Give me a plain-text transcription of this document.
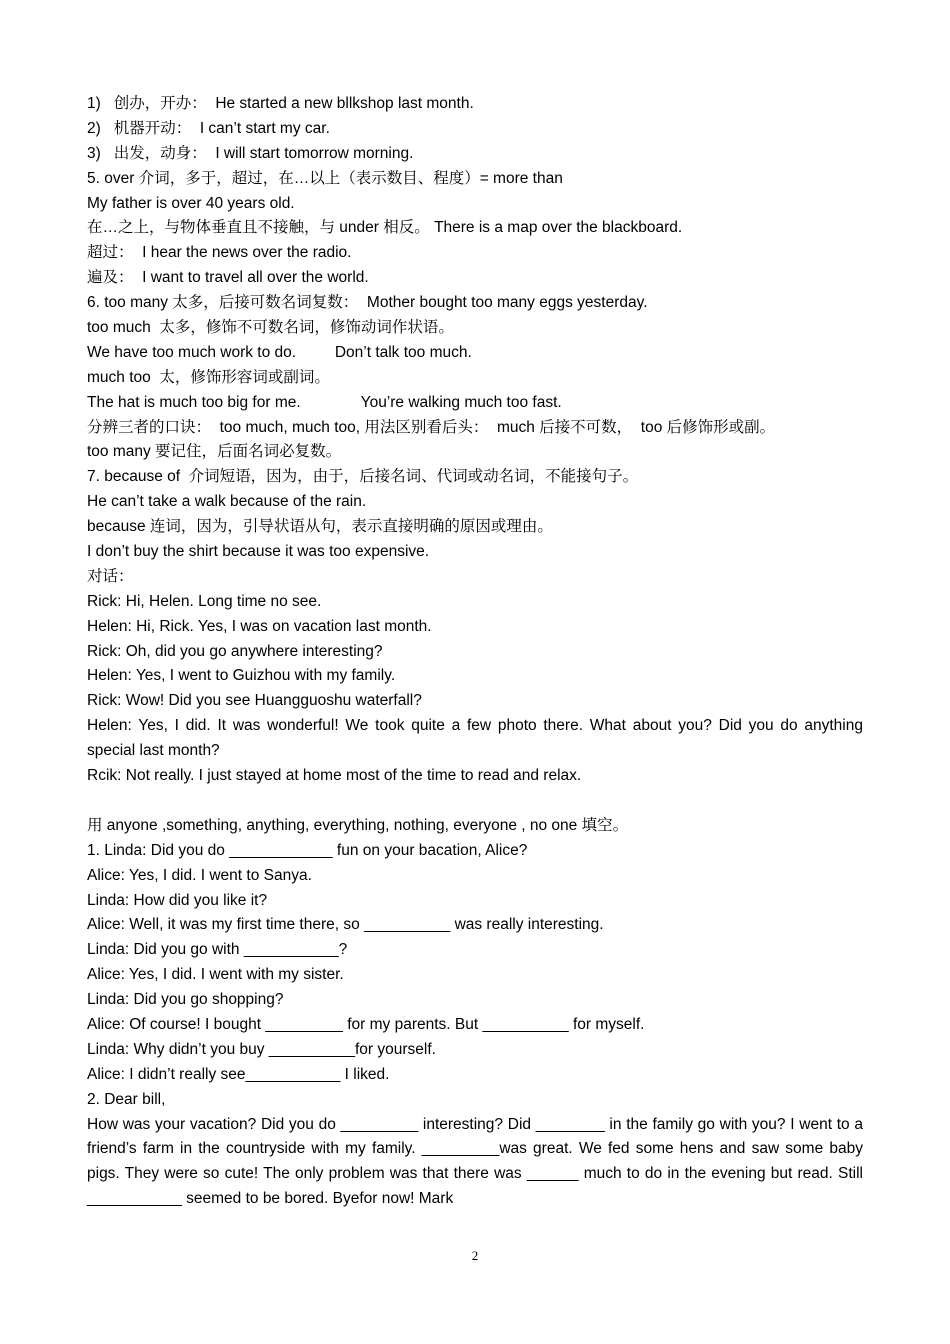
1)   创办，开办：  He started a new bllkshop last month.
2)   机器开动：  I can’t start my car.
3)   出发，动身：  I will start tomorrow morning.
5. over 介词，多于，超过，在…以上（表示数目、程度）= more than
My father is over 40 years old.
在…之上，与物体垂直且不接触，与 under 相反。 There is a map over the blackboard.
超过：  I hear the news over the radio.
遍及：  I want to travel all over the world.
6. too many 太多，后接可数名词复数：  Mother bought too many eggs yesterday.
too much  太多，修饰不可数名词，修饰动词作状语。
We have too much work to do.         Don’t talk too much.
much too  太，修饰形容词或副词。
The hat is much too big for me.              You’re walking much too fast.
分辨三者的口诀：  too much, much too, 用法区别看后头：  much 后接不可数，  too 后修饰形或副。
too many 要记住，后面名词必复数。
7. because of  介词短语，因为，由于，后接名词、代词或动名词，不能接句子。
He can’t take a walk because of the rain.
because 连词，因为，引导状语从句，表示直接明确的原因或理由。
I don’t buy the shirt because it was too expensive.
对话：
Rick: Hi, Helen. Long time no see.
Helen: Hi, Rick. Yes, I was on vacation last month.
Rick: Oh, did you go anywhere interesting?
Helen: Yes, I went to Guizhou with my family.
Rick: Wow! Did you see Huangguoshu waterfall?
Helen: Yes, I did. It was wonderful! We took quite a few photo there. What about you? Did you do anything special last month?
Rcik: Not really. I just stayed at home most of the time to read and relax.
用 anyone ,something, anything, everything, nothing, everyone , no one 填空。
1. Linda: Did you do ____________ fun on your bacation, Alice?
Alice: Yes, I did. I went to Sanya.
Linda: How did you like it?
Alice: Well, it was my first time there, so __________ was really interesting.
Linda: Did you go with ___________?
Alice: Yes, I did. I went with my sister.
Linda: Did you go shopping?
Alice: Of course! I bought _________ for my parents. But __________ for myself.
Linda: Why didn’t you buy __________for yourself.
Alice: I didn’t really see___________ I liked.
2. Dear bill,
How was your vacation? Did you do _________ interesting? Did ________ in the family go with you? I went to a friend’s farm in the countryside with my family. _________was great. We fed some hens and saw some baby pigs. They were so cute! The only problem was that there was ______ much to do in the evening but read. Still ___________ seemed to be bored. Byefor now! Mark
2
